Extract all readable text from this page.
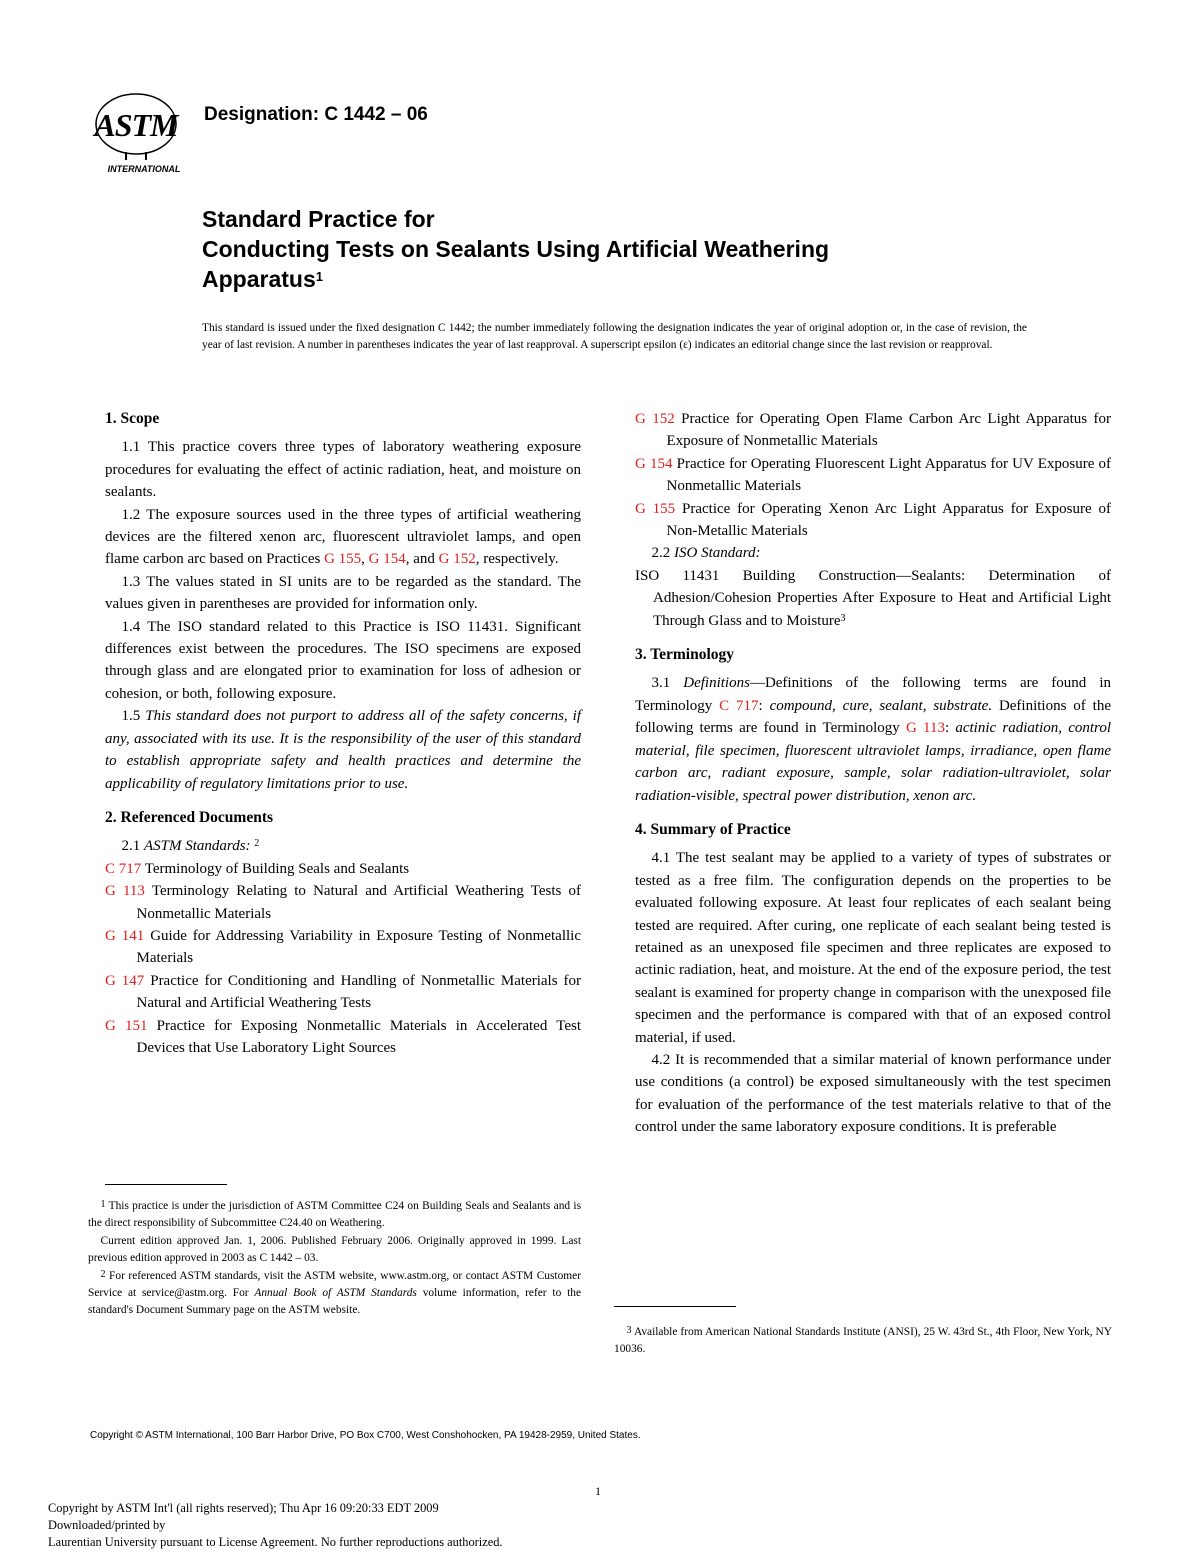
ASTM
INTERNATIONAL
Designation: C 1442 – 06
Standard Practice for
Conducting Tests on Sealants Using Artificial Weathering
Apparatus$^1$
This standard is issued under the fixed designation C 1442; the number immediately following the designation indicates the year of original adoption or, in the case of revision, the year of last revision. A number in parentheses indicates the year of last reapproval. A superscript epsilon (ε) indicates an editorial change since the last revision or reapproval.
1. Scope

1.1 This practice covers three types of laboratory weathering exposure procedures for evaluating the effect of actinic radiation, heat, and moisture on sealants.

1.2 The exposure sources used in the three types of artificial weathering devices are the filtered xenon arc, fluorescent ultraviolet lamps, and open flame carbon arc based on Practices G 155, G 154, and G 152, respectively.

1.3 The values stated in SI units are to be regarded as the standard. The values given in parentheses are provided for information only.

1.4 The ISO standard related to this Practice is ISO 11431. Significant differences exist between the procedures. The ISO specimens are exposed through glass and are elongated prior to examination for loss of adhesion or cohesion, or both, following exposure.

1.5 This standard does not purport to address all of the safety concerns, if any, associated with its use. It is the responsibility of the user of this standard to establish appropriate safety and health practices and determine the applicability of regulatory limitations prior to use.

2. Referenced Documents

2.1 ASTM Standards: $^2$

C 717 Terminology of Building Seals and Sealants

G 113 Terminology Relating to Natural and Artificial Weathering Tests of Nonmetallic Materials

G 141 Guide for Addressing Variability in Exposure Testing of Nonmetallic Materials

G 147 Practice for Conditioning and Handling of Nonmetallic Materials for Natural and Artificial Weathering Tests

G 151 Practice for Exposing Nonmetallic Materials in Accelerated Test Devices that Use Laboratory Light Sources

G 152 Practice for Operating Open Flame Carbon Arc Light Apparatus for Exposure of Nonmetallic Materials

G 154 Practice for Operating Fluorescent Light Apparatus for UV Exposure of Nonmetallic Materials

G 155 Practice for Operating Xenon Arc Light Apparatus for Exposure of Non-Metallic Materials

2.2 ISO Standard:

ISO 11431 Building Construction—Sealants: Determination of Adhesion/Cohesion Properties After Exposure to Heat and Artificial Light Through Glass and to Moisture$^3$

3. Terminology

3.1 Definitions—Definitions of the following terms are found in Terminology C 717: compound, cure, sealant, substrate. Definitions of the following terms are found in Terminology G 113: actinic radiation, control material, file specimen, fluorescent ultraviolet lamps, irradiance, open flame carbon arc, radiant exposure, sample, solar radiation-ultraviolet, solar radiation-visible, spectral power distribution, xenon arc.

4. Summary of Practice

4.1 The test sealant may be applied to a variety of types of substrates or tested as a free film. The configuration depends on the properties to be evaluated following exposure. At least four replicates of each sealant being tested are required. After curing, one replicate of each sealant being tested is retained as an unexposed file specimen and three replicates are exposed to actinic radiation, heat, and moisture. At the end of the exposure period, the test sealant is examined for property change in comparison with the unexposed file specimen and the performance is compared with that of an exposed control material, if used.

4.2 It is recommended that a similar material of known performance under use conditions (a control) be exposed simultaneously with the test specimen for evaluation of the performance of the test materials relative to that of the control under the same laboratory exposure conditions. It is preferable

$^1$ This practice is under the jurisdiction of ASTM Committee C24 on Building Seals and Sealants and is the direct responsibility of Subcommittee C24.40 on Weathering.

Current edition approved Jan. 1, 2006. Published February 2006. Originally approved in 1999. Last previous edition approved in 2003 as C 1442 – 03.

$^2$ For referenced ASTM standards, visit the ASTM website, www.astm.org, or contact ASTM Customer Service at service@astm.org. For Annual Book of ASTM Standards volume information, refer to the standard's Document Summary page on the ASTM website.

$^3$ Available from American National Standards Institute (ANSI), 25 W. 43rd St., 4th Floor, New York, NY 10036.

Copyright © ASTM International, 100 Barr Harbor Drive, PO Box C700, West Conshohocken, PA 19428-2959, United States.
1
Copyright by ASTM Int'l (all rights reserved); Thu Apr 16 09:20:33 EDT 2009
Downloaded/printed by
Laurentian University pursuant to License Agreement. No further reproductions authorized.
